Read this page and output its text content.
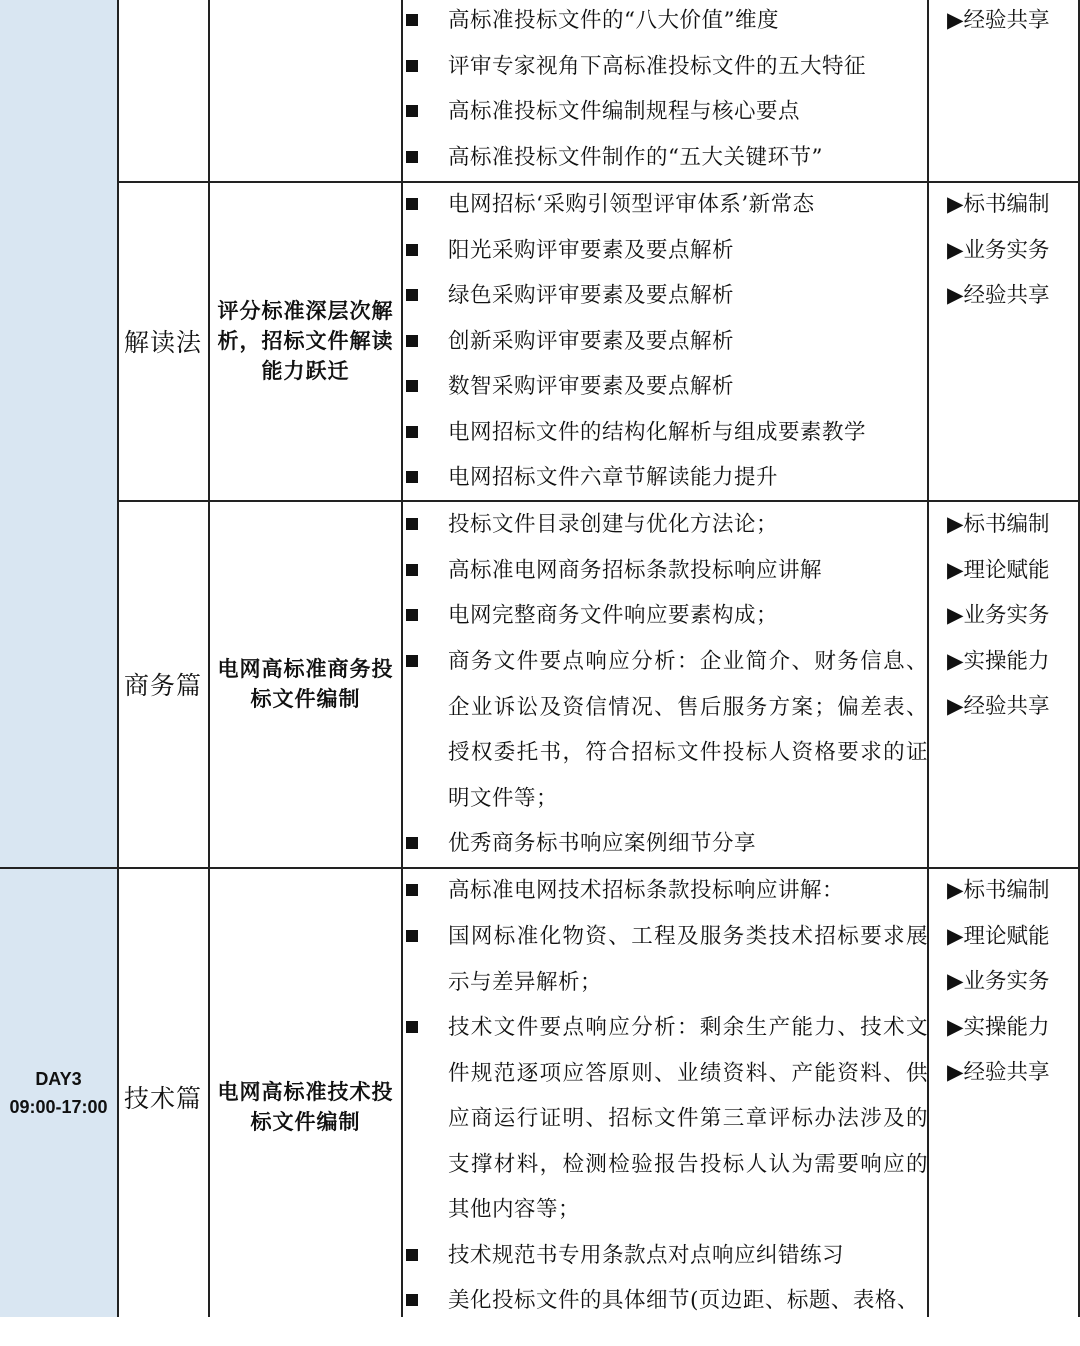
DAY3
09:00-17:00
高标准投标文件的“八大价值”维度
评审专家视角下高标准投标文件的五大特征
高标准投标文件编制规程与核心要点
高标准投标文件制作的“五大关键环节”
▶经验共享
解读法
评分标准深层次解析，招标文件解读能力跃迁
电网招标‘采购引领型评审体系’新常态
阳光采购评审要素及要点解析
绿色采购评审要素及要点解析
创新采购评审要素及要点解析
数智采购评审要素及要点解析
电网招标文件的结构化解析与组成要素教学
电网招标文件六章节解读能力提升
▶标书编制
▶业务实务
▶经验共享
商务篇
电网高标准商务投标文件编制
投标文件目录创建与优化方法论；
高标准电网商务招标条款投标响应讲解
电网完整商务文件响应要素构成；
商务文件要点响应分析：企业简介、财务信息、企业诉讼及资信情况、售后服务方案；偏差表、授权委托书，符合招标文件投标人资格要求的证明文件等；
优秀商务标书响应案例细节分享
▶标书编制
▶理论赋能
▶业务实务
▶实操能力
▶经验共享
技术篇 电网高标准技术投标文件编制
高标准电网技术招标条款投标响应讲解：
国网标准化物资、工程及服务类技术招标要求展示与差异解析；
技术文件要点响应分析：剩余生产能力、技术文件规范逐项应答原则、业绩资料、产能资料、供应商运行证明、招标文件第三章评标办法涉及的支撑材料，检测检验报告投标人认为需要响应的其他内容等；
技术规范书专用条款点对点响应纠错练习
美化投标文件的具体细节(页边距、标题、表格、
▶标书编制
▶理论赋能
▶业务实务
▶实操能力
▶经验共享
